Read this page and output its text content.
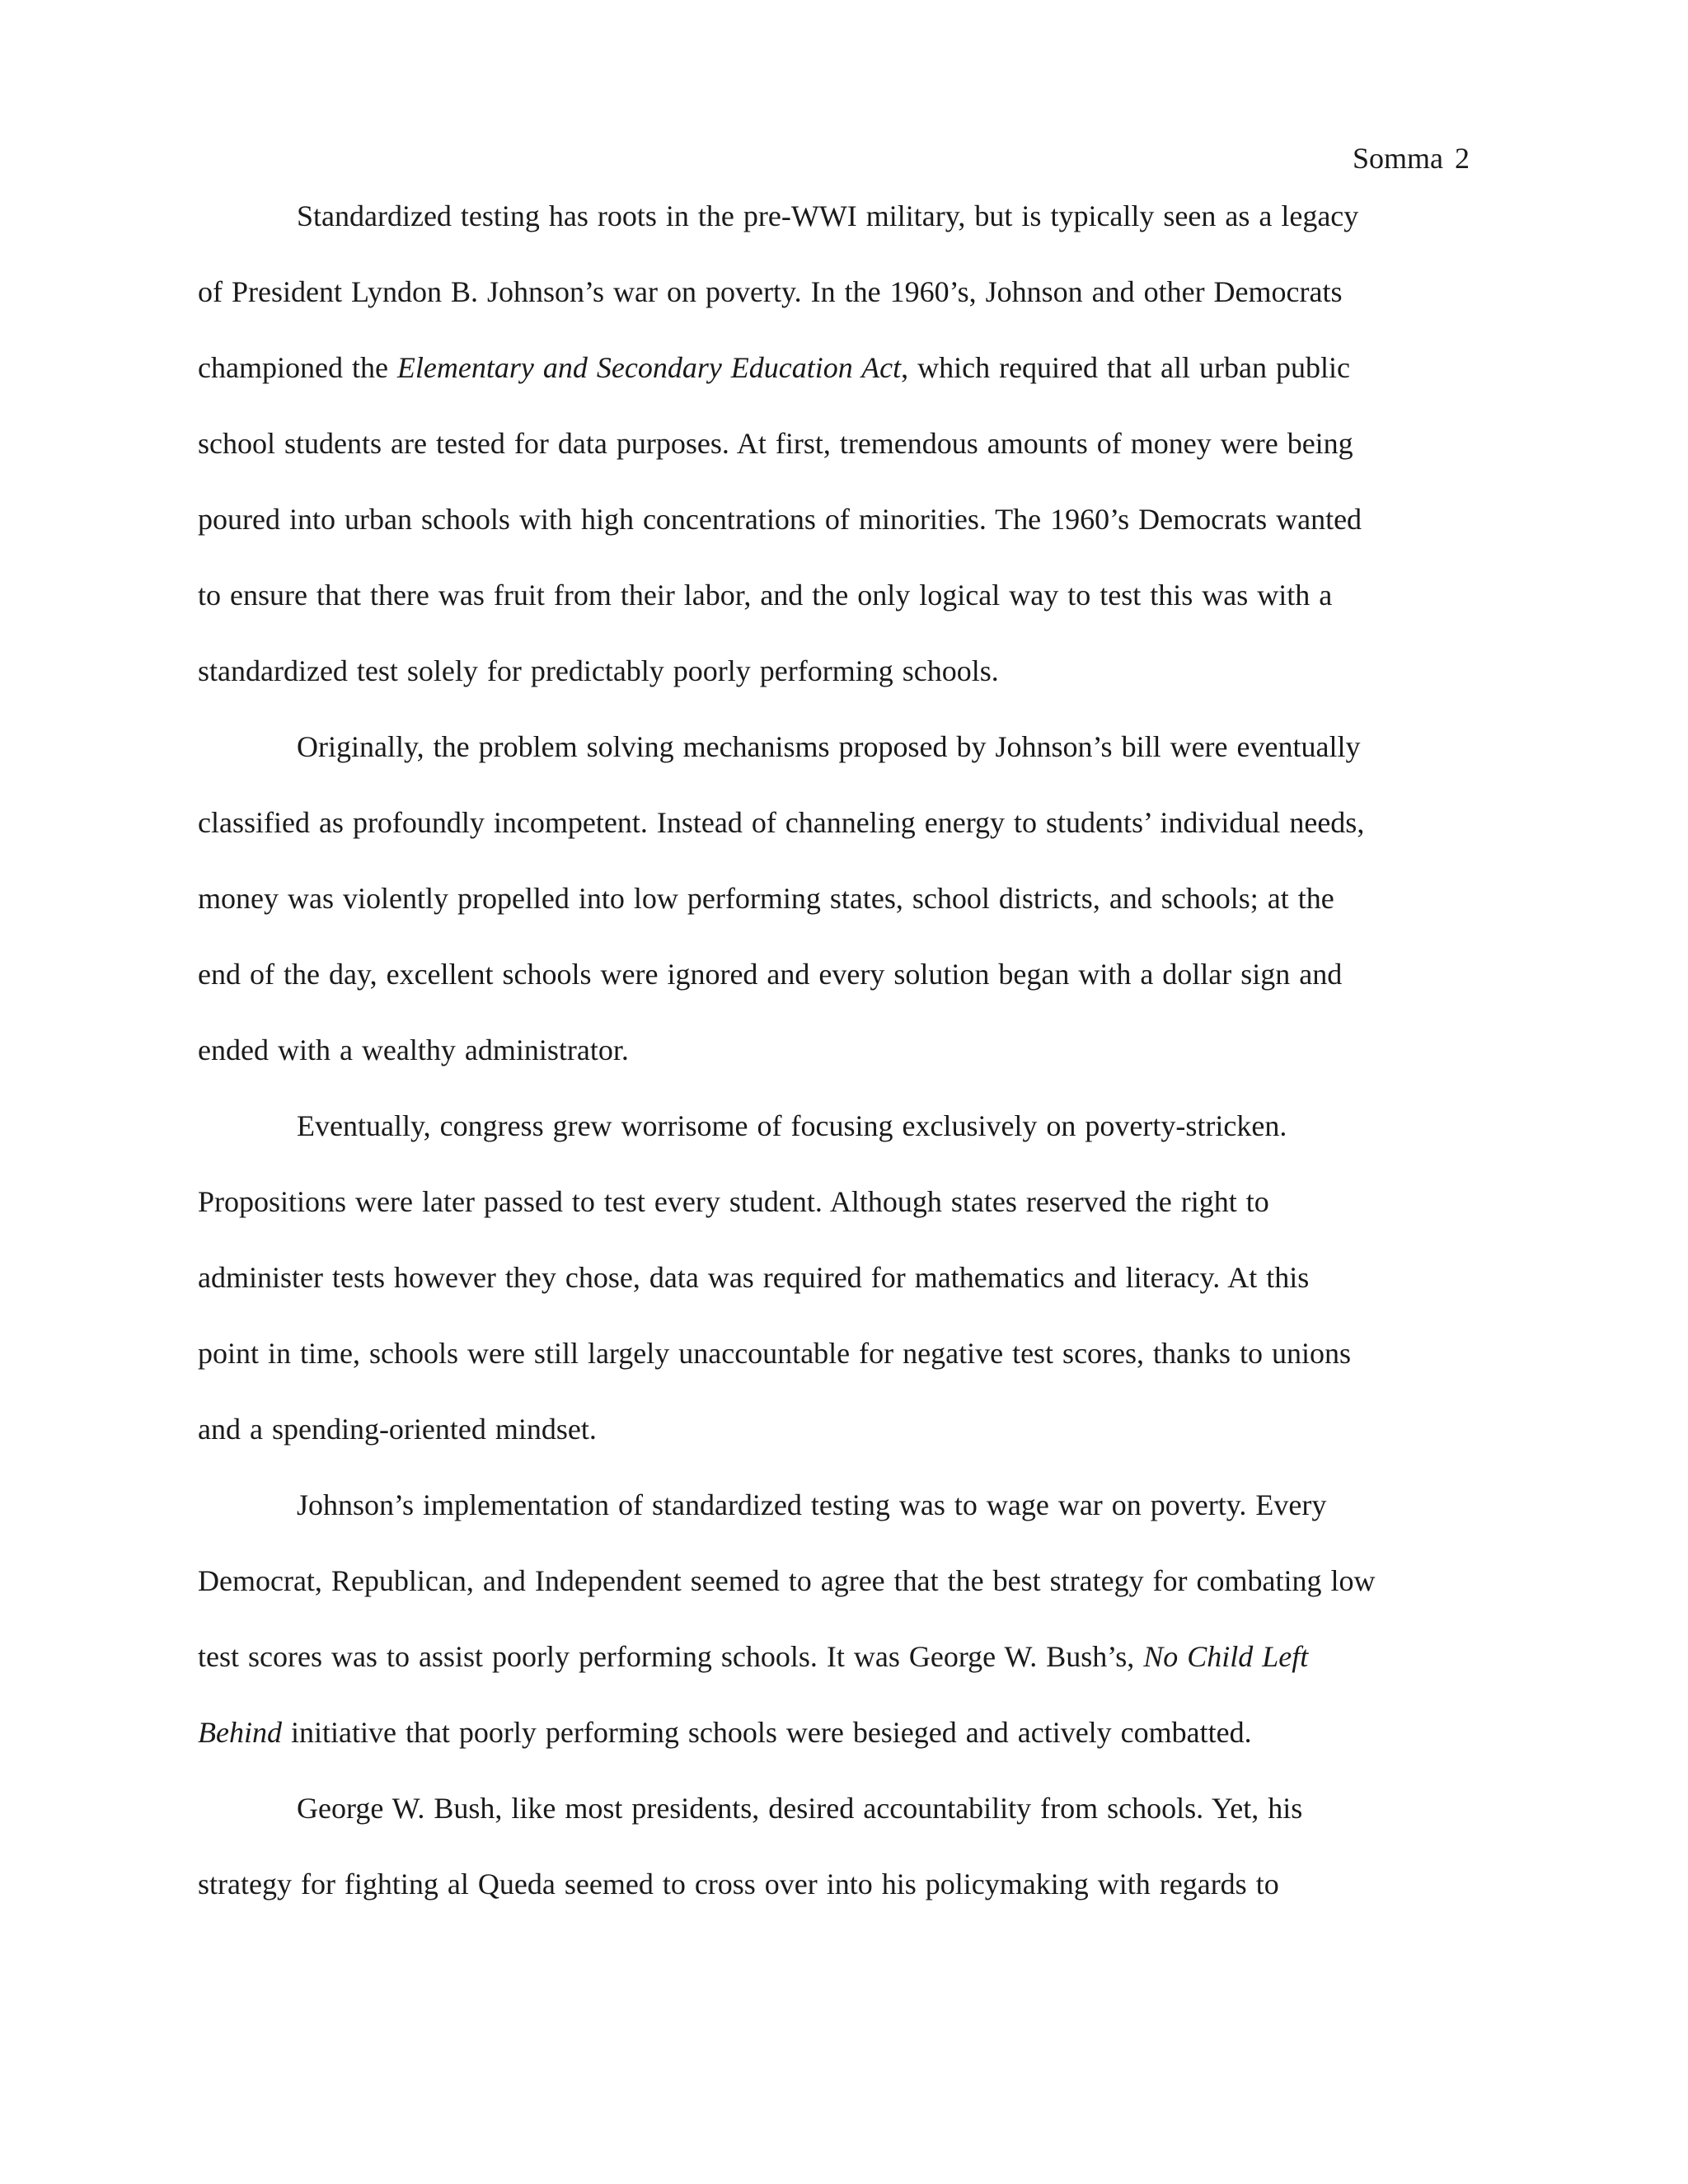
Somma 2
Standardized testing has roots in the pre-WWI military, but is typically seen as a legacy
of President Lyndon B. Johnson’s war on poverty. In the 1960’s, Johnson and other Democrats
championed the Elementary and Secondary Education Act, which required that all urban public
school students are tested for data purposes. At first, tremendous amounts of money were being
poured into urban schools with high concentrations of minorities. The 1960’s Democrats wanted
to ensure that there was fruit from their labor, and the only logical way to test this was with a
standardized test solely for predictably poorly performing schools.
Originally, the problem solving mechanisms proposed by Johnson’s bill were eventually
classified as profoundly incompetent. Instead of channeling energy to students’ individual needs,
money was violently propelled into low performing states, school districts, and schools; at the
end of the day, excellent schools were ignored and every solution began with a dollar sign and
ended with a wealthy administrator.
Eventually, congress grew worrisome of focusing exclusively on poverty-stricken.
Propositions were later passed to test every student. Although states reserved the right to
administer tests however they chose, data was required for mathematics and literacy. At this
point in time, schools were still largely unaccountable for negative test scores, thanks to unions
and a spending-oriented mindset.
Johnson’s implementation of standardized testing was to wage war on poverty. Every
Democrat, Republican, and Independent seemed to agree that the best strategy for combating low
test scores was to assist poorly performing schools. It was George W. Bush’s, No Child Left
Behind initiative that poorly performing schools were besieged and actively combatted.
George W. Bush, like most presidents, desired accountability from schools. Yet, his
strategy for fighting al Queda seemed to cross over into his policymaking with regards to
